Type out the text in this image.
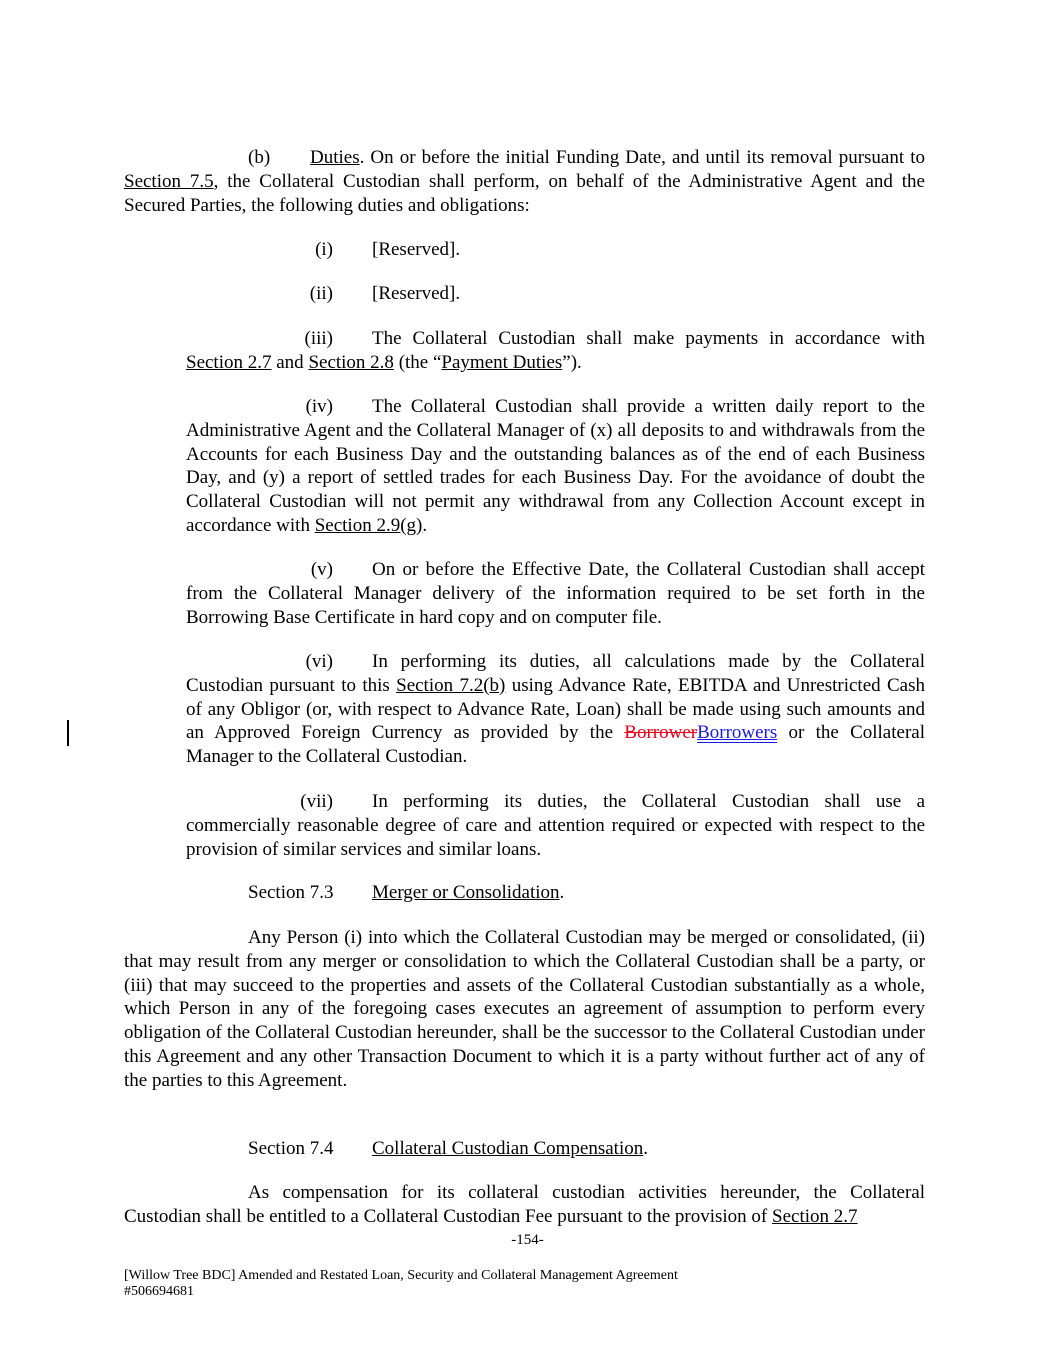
(b) Duties. On or before the initial Funding Date, and until its removal pursuant to Section 7.5, the Collateral Custodian shall perform, on behalf of the Administrative Agent and the Secured Parties, the following duties and obligations:
(i) [Reserved].
(ii) [Reserved].
(iii) The Collateral Custodian shall make payments in accordance with Section 2.7 and Section 2.8 (the “Payment Duties”).
(iv) The Collateral Custodian shall provide a written daily report to the Administrative Agent and the Collateral Manager of (x) all deposits to and withdrawals from the Accounts for each Business Day and the outstanding balances as of the end of each Business Day, and (y) a report of settled trades for each Business Day. For the avoidance of doubt the Collateral Custodian will not permit any withdrawal from any Collection Account except in accordance with Section 2.9(g).
(v) On or before the Effective Date, the Collateral Custodian shall accept from the Collateral Manager delivery of the information required to be set forth in the Borrowing Base Certificate in hard copy and on computer file.
(vi) In performing its duties, all calculations made by the Collateral Custodian pursuant to this Section 7.2(b) using Advance Rate, EBITDA and Unrestricted Cash of any Obligor (or, with respect to Advance Rate, Loan) shall be made using such amounts and an Approved Foreign Currency as provided by the BorrowerBorrowers or the Collateral Manager to the Collateral Custodian.
(vii) In performing its duties, the Collateral Custodian shall use a commercially reasonable degree of care and attention required or expected with respect to the provision of similar services and similar loans.
Section 7.3 Merger or Consolidation.
Any Person (i) into which the Collateral Custodian may be merged or consolidated, (ii) that may result from any merger or consolidation to which the Collateral Custodian shall be a party, or (iii) that may succeed to the properties and assets of the Collateral Custodian substantially as a whole, which Person in any of the foregoing cases executes an agreement of assumption to perform every obligation of the Collateral Custodian hereunder, shall be the successor to the Collateral Custodian under this Agreement and any other Transaction Document to which it is a party without further act of any of the parties to this Agreement.
Section 7.4 Collateral Custodian Compensation.
As compensation for its collateral custodian activities hereunder, the Collateral Custodian shall be entitled to a Collateral Custodian Fee pursuant to the provision of Section 2.7
-154-
[Willow Tree BDC] Amended and Restated Loan, Security and Collateral Management Agreement
#506694681
